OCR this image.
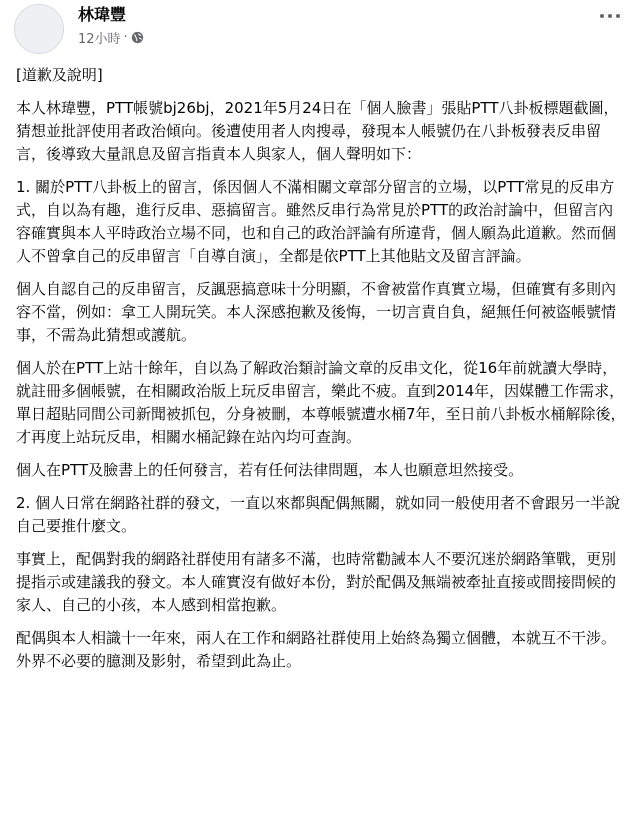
林瑋豐
12小時 ·

[道歉及說明]

本人林瑋豐，PTT帳號bj26bj，2021年5月24日在「個人臉書」張貼PTT八卦板標題截圖，猜想並批評使用者政治傾向。後遭使用者人肉搜尋，發現本人帳號仍在八卦板發表反串留言，後導致大量訊息及留言指責本人與家人，個人聲明如下：

1. 關於PTT八卦板上的留言，係因個人不滿相關文章部分留言的立場，以PTT常見的反串方式，自以為有趣，進行反串、惡搞留言。雖然反串行為常見於PTT的政治討論中，但留言內容確實與本人平時政治立場不同，也和自己的政治評論有所違背，個人願為此道歉。然而個人不曾拿自己的反串留言「自導自演」，全都是依PTT上其他貼文及留言評論。

個人自認自己的反串留言，反諷惡搞意味十分明顯，不會被當作真實立場，但確實有多則內容不當，例如：拿工人開玩笑。本人深感抱歉及後悔，一切言責自負，絕無任何被盜帳號情事，不需為此猜想或護航。

個人於在PTT上站十餘年，自以為了解政治類討論文章的反串文化，從16年前就讀大學時，就註冊多個帳號，在相關政治版上玩反串留言，樂此不疲。直到2014年，因媒體工作需求，單日超貼同間公司新聞被抓包，分身被刪，本尊帳號遭水桶7年，至日前八卦板水桶解除後，才再度上站玩反串，相關水桶記錄在站內均可查詢。

個人在PTT及臉書上的任何發言，若有任何法律問題，本人也願意坦然接受。

2. 個人日常在網路社群的發文，一直以來都與配偶無關，就如同一般使用者不會跟另一半說自己要推什麼文。

事實上，配偶對我的網路社群使用有諸多不滿，也時常勸誡本人不要沉迷於網路筆戰，更別提指示或建議我的發文。本人確實沒有做好本份，對於配偶及無端被牽扯直接或間接問候的家人、自己的小孩，本人感到相當抱歉。

配偶與本人相識十一年來，兩人在工作和網路社群使用上始終為獨立個體，本就互不干涉。外界不必要的臆測及影射，希望到此為止。
